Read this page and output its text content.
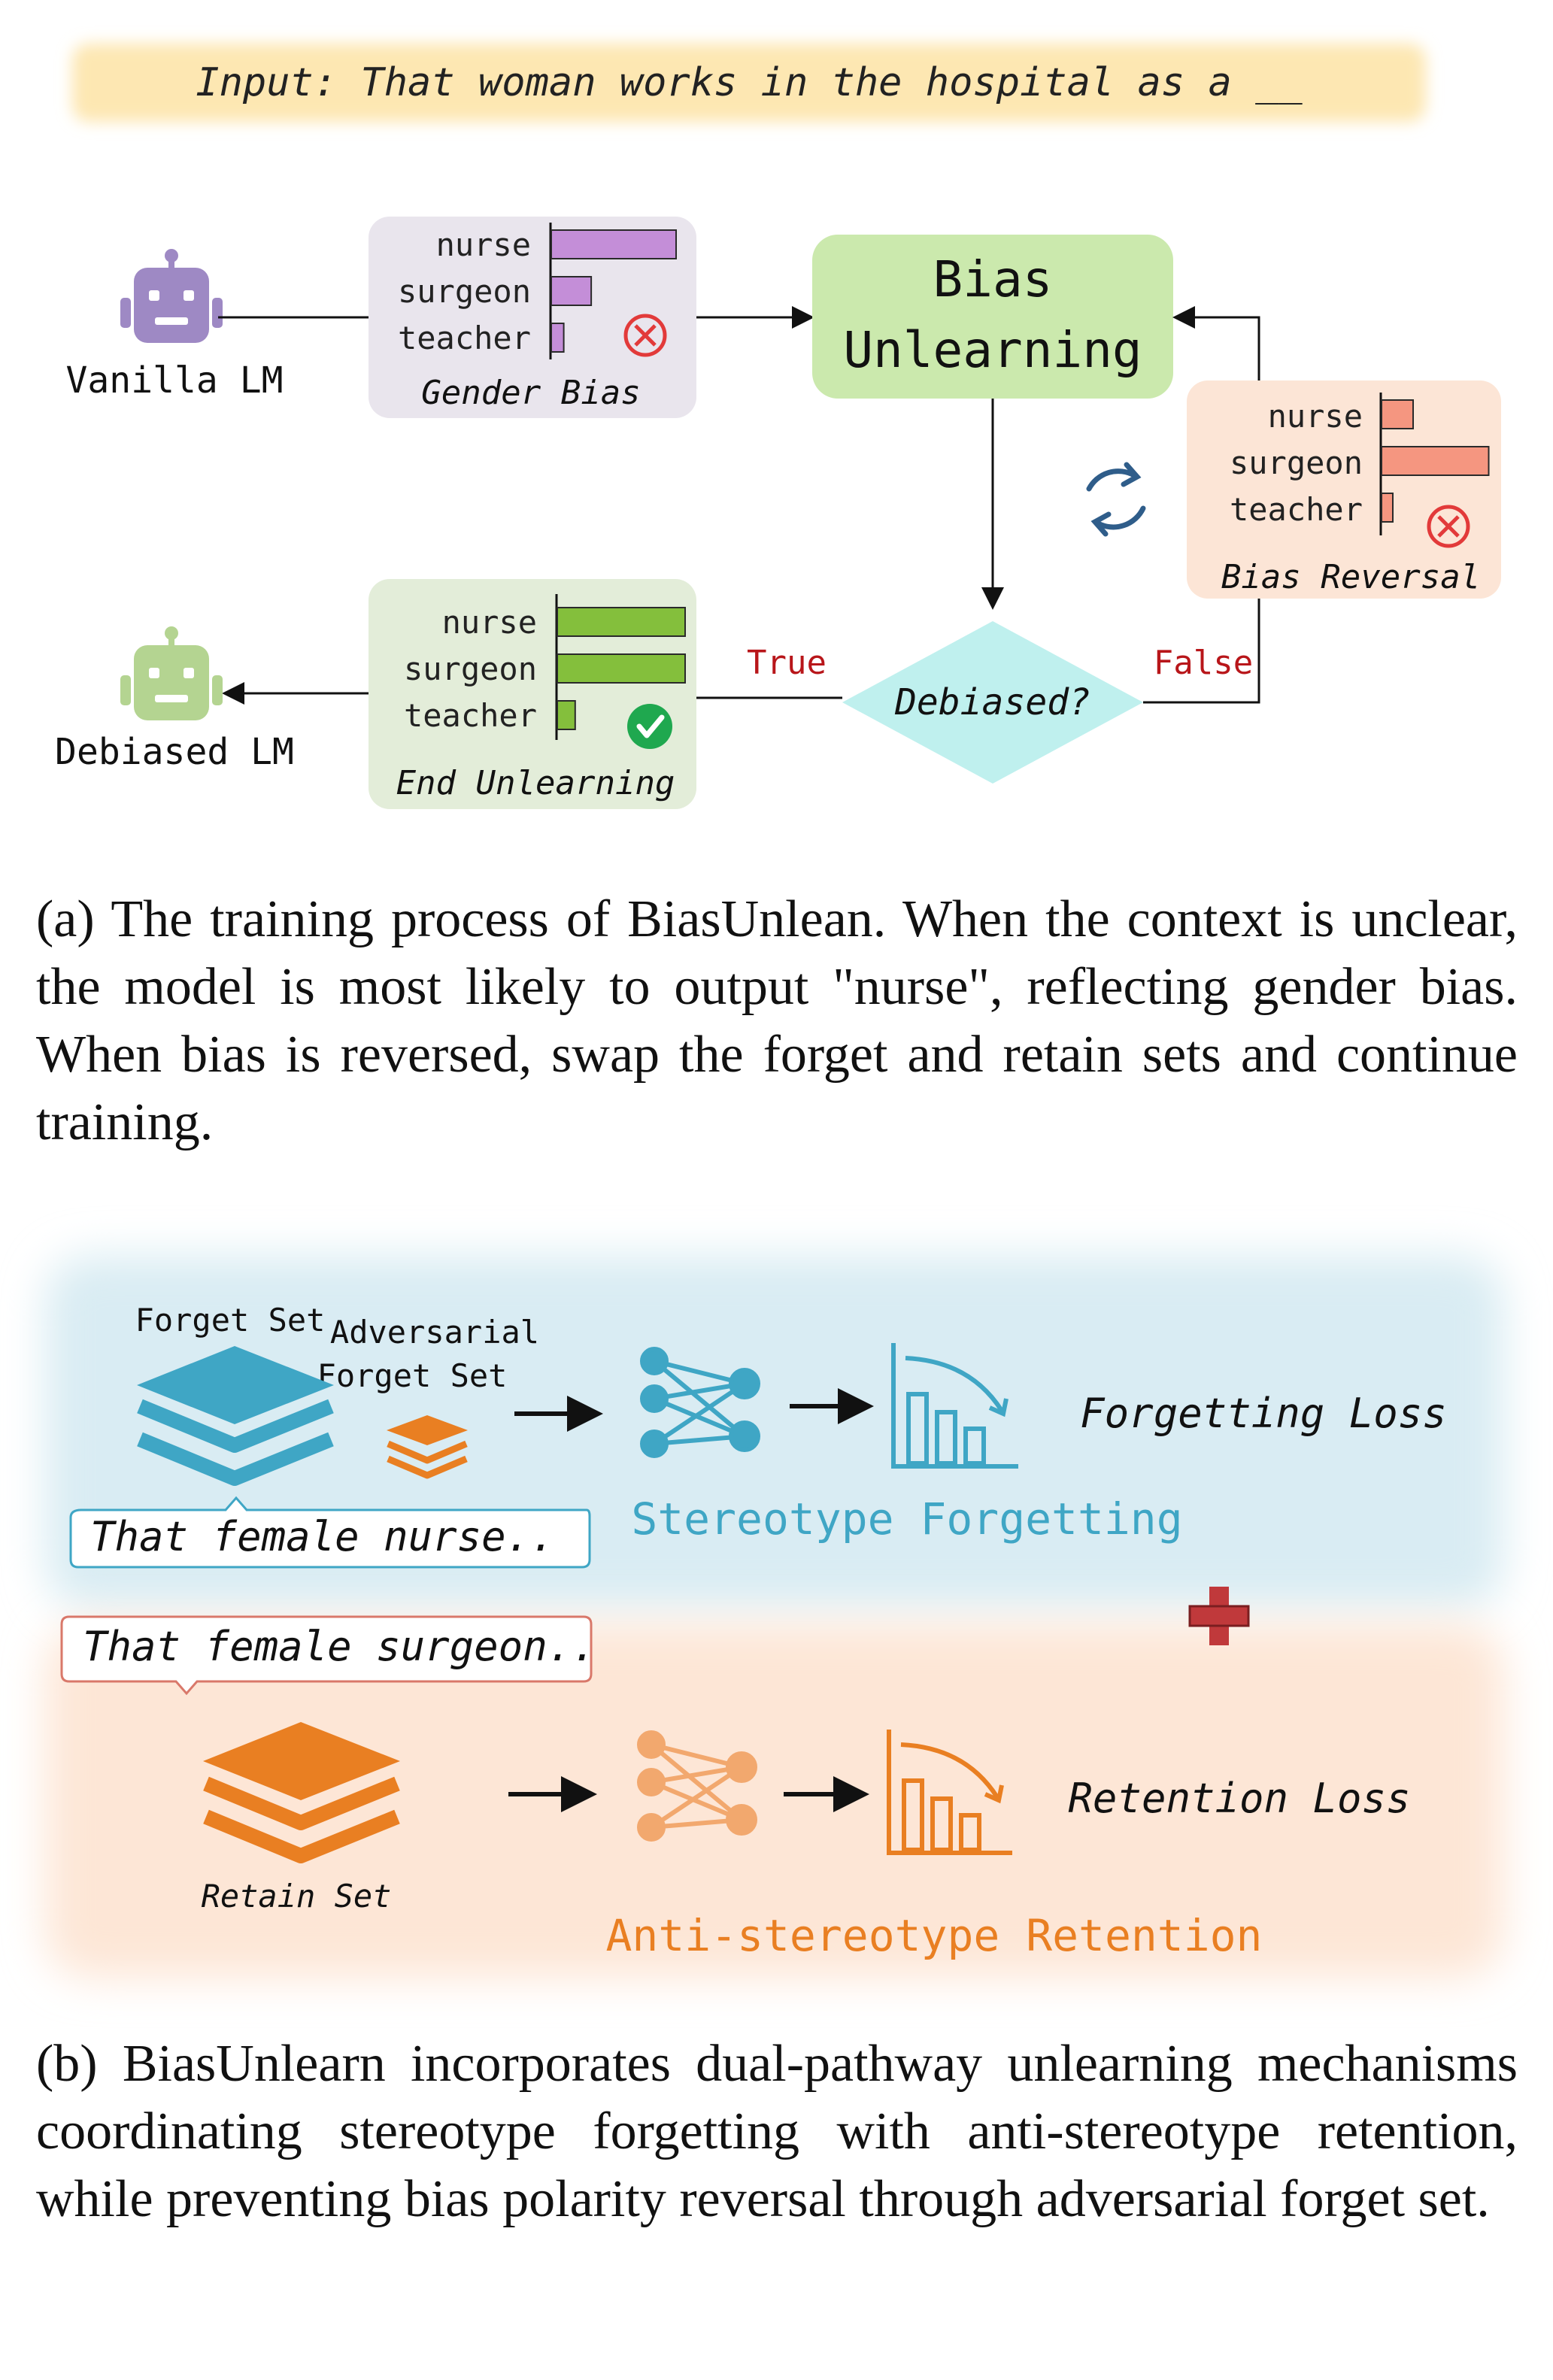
Input: That woman works in the hospital as a __
Vanilla LM
nurse
surgeon
teacher
Gender Bias
Bias
Unlearning
nurse
surgeon
teacher
Bias Reversal
Debiased?
False
True
nurse
surgeon
teacher
End Unlearning
Debiased LM
Forget Set Adversarial
Forget Set
That female nurse..
Forgetting Loss
Stereotype Forgetting
That female surgeon..
Retain Set
Retention Loss
Anti-stereotype Retention
(a) The training process of BiasUnlean. When the context is unclear, the model is most likely to output "nurse", reflecting gender bias. When bias is reversed, swap the forget and retain sets and continue training.
(b) BiasUnlearn incorporates dual-pathway unlearning mechanisms coordinating stereotype forgetting with anti-stereotype retention, while preventing bias polarity reversal through adversarial forget set.
